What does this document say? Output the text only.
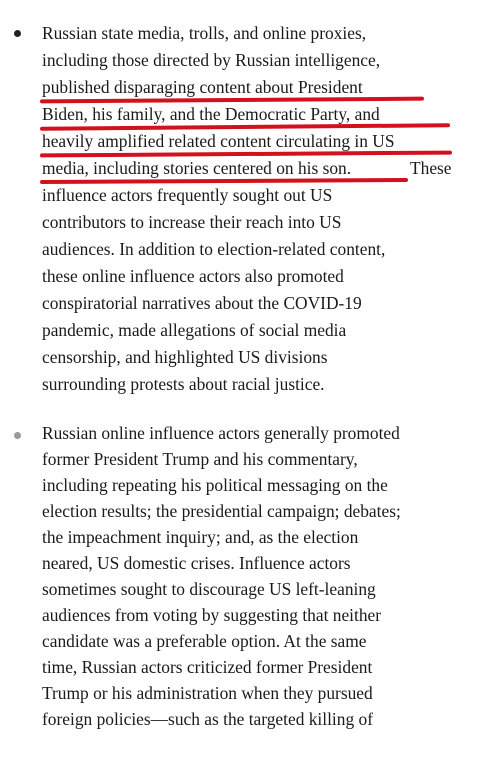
Russian state media, trolls, and online proxies,
including those directed by Russian intelligence,
published disparaging content about President
Biden, his family, and the Democratic Party, and
heavily amplified related content circulating in US
media, including stories centered on his son.	These
influence actors frequently sought out US
contributors to increase their reach into US
audiences. In addition to election-related content,
these online influence actors also promoted
conspiratorial narratives about the COVID-19
pandemic, made allegations of social media
censorship, and highlighted US divisions
surrounding protests about racial justice.
Russian online influence actors generally promoted
former President Trump and his commentary,
including repeating his political messaging on the
election results; the presidential campaign; debates;
the impeachment inquiry; and, as the election
neared, US domestic crises. Influence actors
sometimes sought to discourage US left-leaning
audiences from voting by suggesting that neither
candidate was a preferable option. At the same
time, Russian actors criticized former President
Trump or his administration when they pursued
foreign policies—such as the targeted killing of
